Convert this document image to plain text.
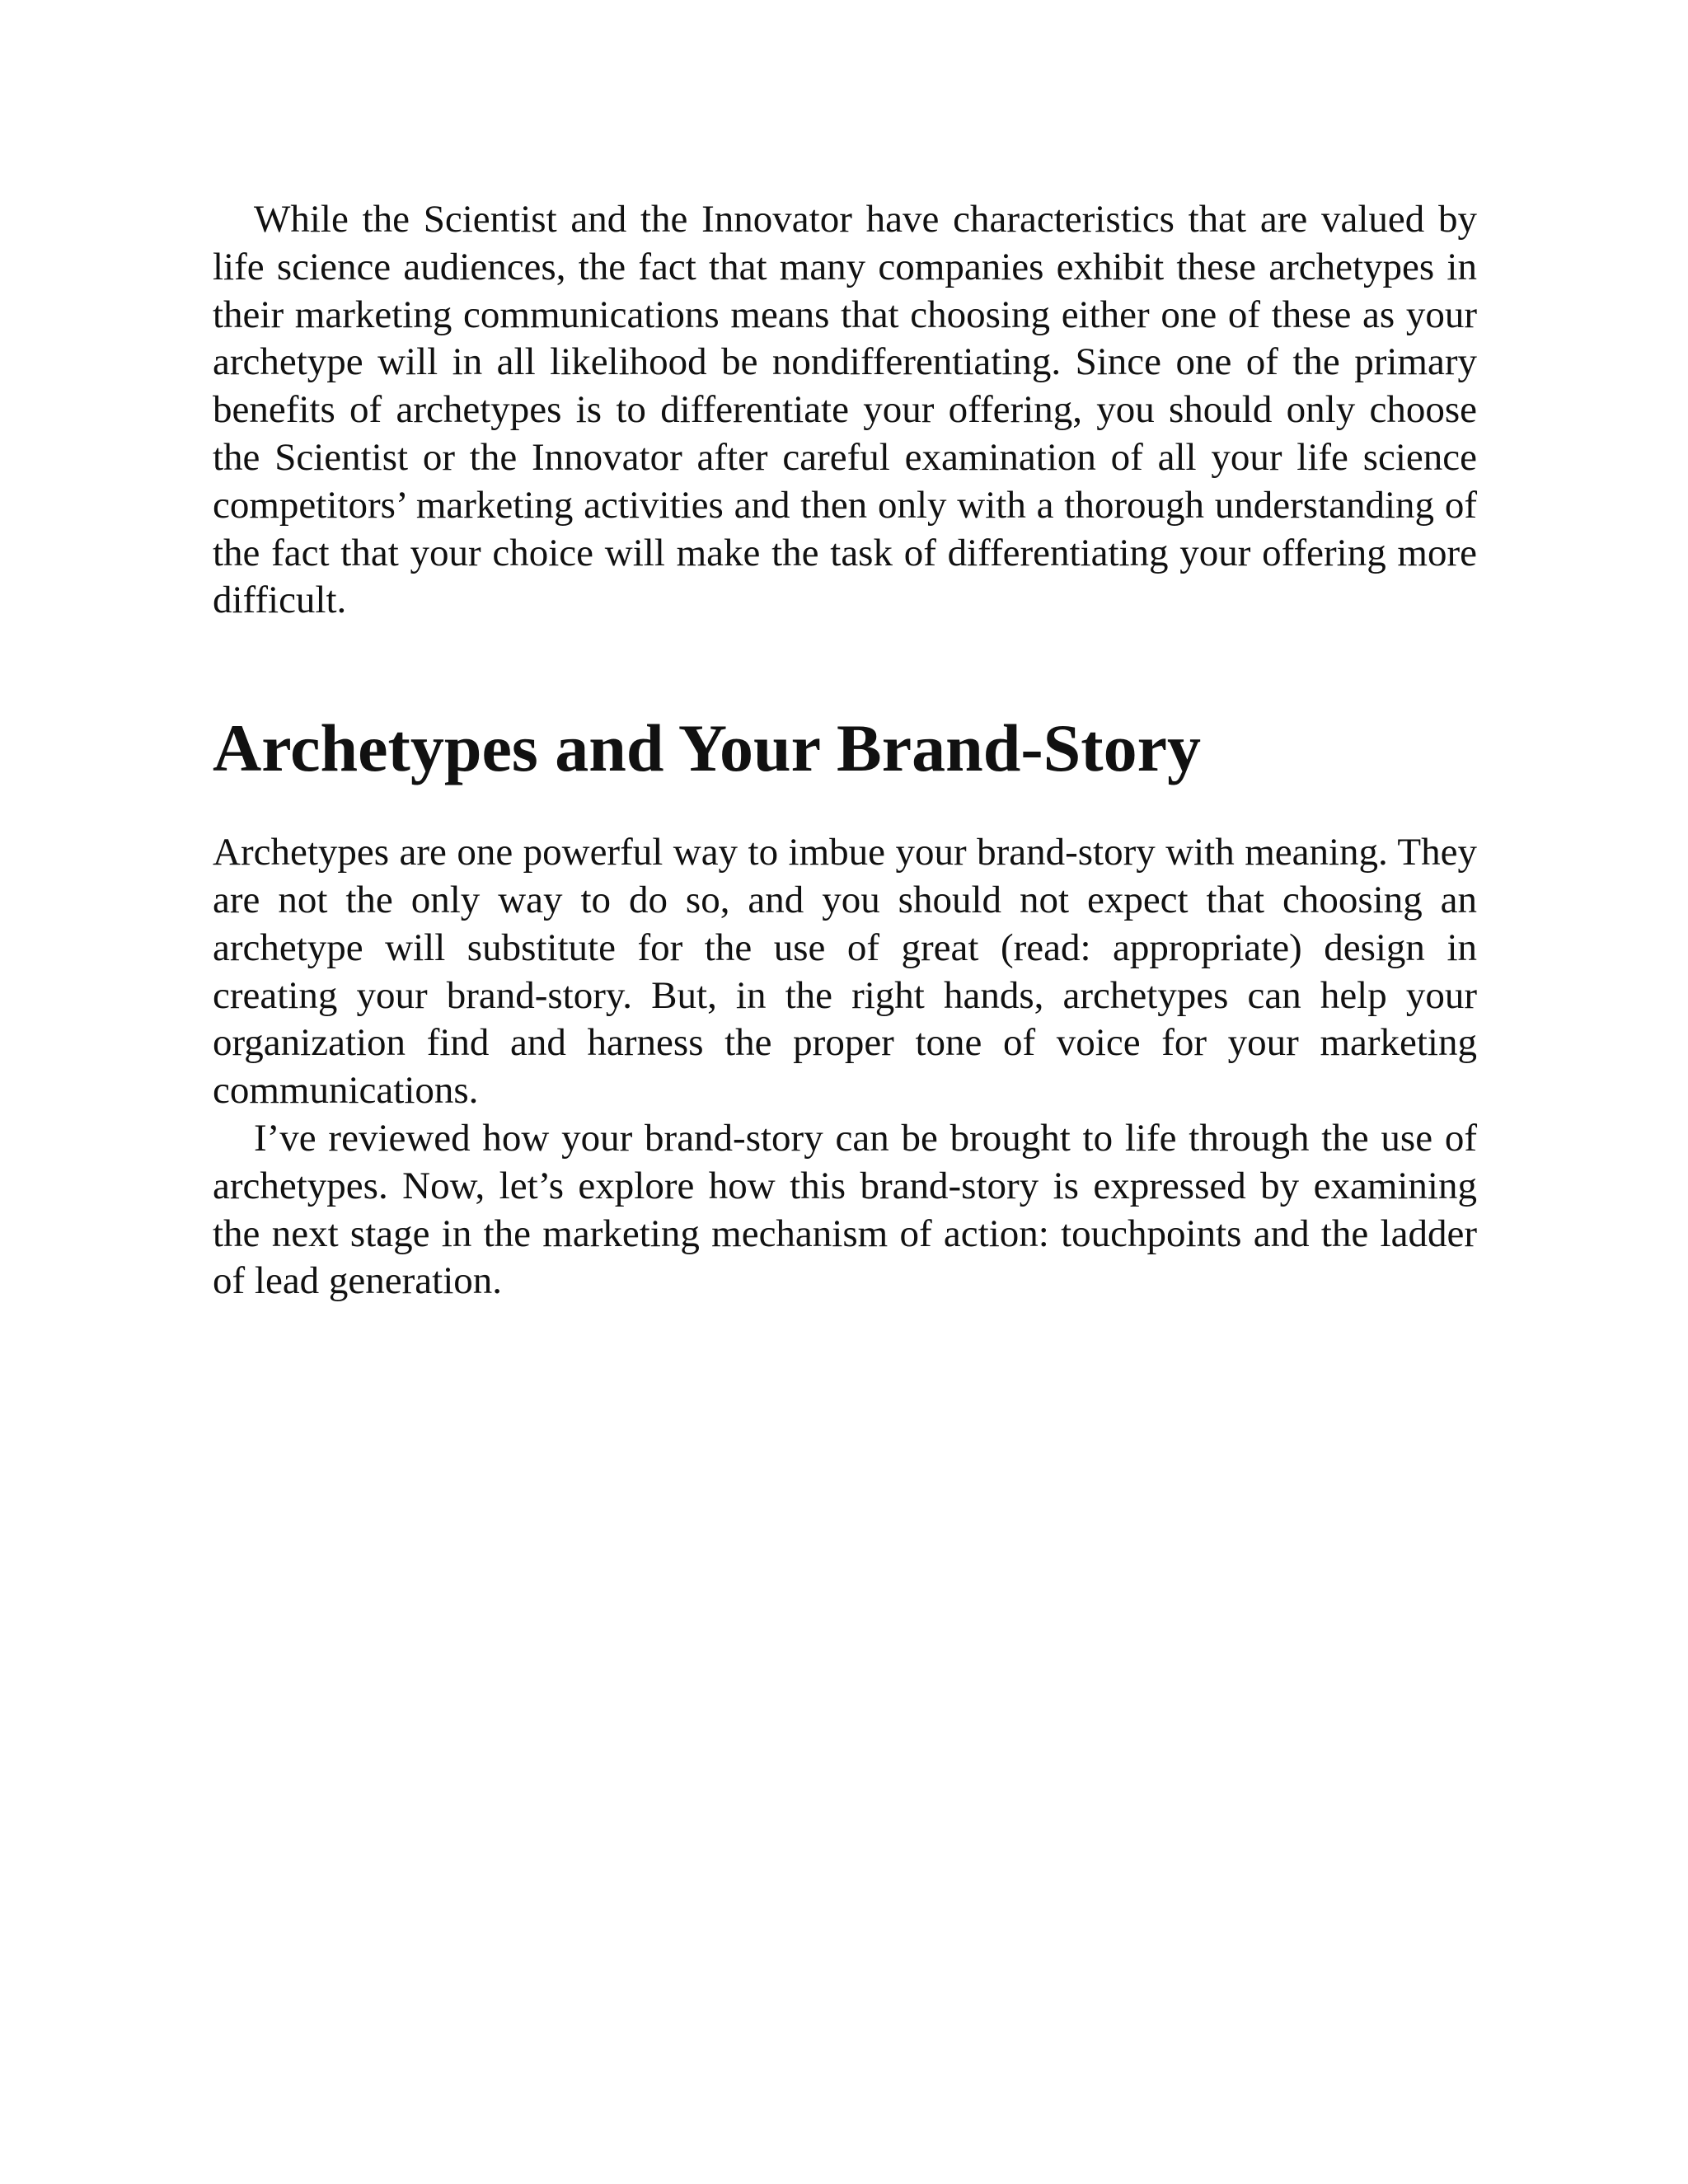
While the Scientist and the Innovator have characteristics that are valued by life science audiences, the fact that many companies exhibit these archetypes in their marketing communications means that choosing either one of these as your archetype will in all likelihood be nondifferentiating. Since one of the primary benefits of archetypes is to differentiate your offering, you should only choose the Scientist or the Innovator after careful examination of all your life science competitors’ marketing activities and then only with a thorough understanding of the fact that your choice will make the task of differentiating your offering more difficult.

Archetypes and Your Brand-Story

Archetypes are one powerful way to imbue your brand-story with meaning. They are not the only way to do so, and you should not expect that choosing an archetype will substitute for the use of great (read: appropriate) design in creating your brand-story. But, in the right hands, archetypes can help your organization find and harness the proper tone of voice for your marketing communications.

I’ve reviewed how your brand-story can be brought to life through the use of archetypes. Now, let’s explore how this brand-story is expressed by examining the next stage in the marketing mechanism of action: touchpoints and the ladder of lead generation.
